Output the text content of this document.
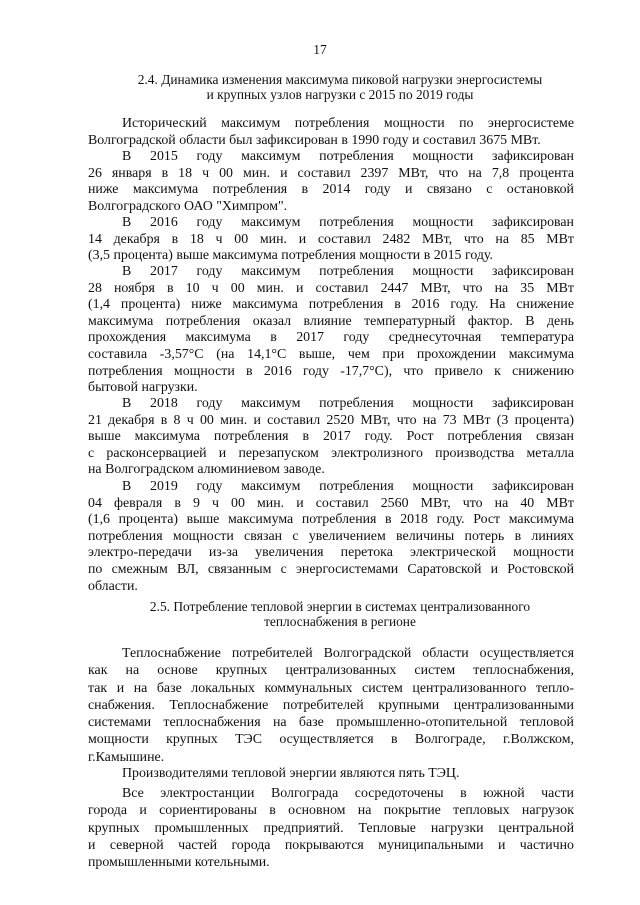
17
2.4. Динамика изменения максимума пиковой нагрузки энергосистемы
и крупных узлов нагрузки с 2015 по 2019 годы
Исторический максимум потребления мощности по энергосистеме
Волгоградской области был зафиксирован в 1990 году и составил 3675 МВт.
В 2015 году максимум потребления мощности зафиксирован
26 января в 18 ч 00 мин. и составил 2397 МВт, что на 7,8 процента
ниже максимума потребления в 2014 году и связано с остановкой
Волгоградского ОАО "Химпром".
В 2016 году максимум потребления мощности зафиксирован
14 декабря в 18 ч 00 мин. и составил 2482 МВт, что на 85 МВт
(3,5 процента) выше максимума потребления мощности в 2015 году.
В 2017 году максимум потребления мощности зафиксирован
28 ноября в 10 ч 00 мин. и составил 2447 МВт, что на 35 МВт
(1,4 процента) ниже максимума потребления в 2016 году. На снижение
максимума потребления оказал влияние температурный фактор. В день
прохождения максимума в 2017 году среднесуточная температура
составила -3,57°С (на 14,1°С выше, чем при прохождении максимума
потребления мощности в 2016 году -17,7°С), что привело к снижению
бытовой нагрузки.
В 2018 году максимум потребления мощности зафиксирован
21 декабря в 8 ч 00 мин. и составил 2520 МВт, что на 73 МВт (3 процента)
выше максимума потребления в 2017 году. Рост потребления связан
с расконсервацией и перезапуском электролизного производства металла
на Волгоградском алюминиевом заводе.
В 2019 году максимум потребления мощности зафиксирован
04 февраля в 9 ч 00 мин. и составил 2560 МВт, что на 40 МВт
(1,6 процента) выше максимума потребления в 2018 году. Рост максимума
потребления мощности связан с увеличением величины потерь в линиях
электро-передачи из-за увеличения перетока электрической мощности
по смежным ВЛ, связанным с энергосистемами Саратовской и Ростовской
области.
2.5. Потребление тепловой энергии в системах централизованного
теплоснабжения в регионе
Теплоснабжение потребителей Волгоградской области осуществляется
как на основе крупных централизованных систем теплоснабжения,
так и на базе локальных коммунальных систем централизованного тепло-
снабжения. Теплоснабжение потребителей крупными централизованными
системами теплоснабжения на базе промышленно-отопительной тепловой
мощности крупных ТЭС осуществляется в Волгограде, г.Волжском,
г.Камышине.
Производителями тепловой энергии являются пять ТЭЦ.
Все электростанции Волгограда сосредоточены в южной части
города и сориентированы в основном на покрытие тепловых нагрузок
крупных промышленных предприятий. Тепловые нагрузки центральной
и северной частей города покрываются муниципальными и частично
промышленными котельными.
